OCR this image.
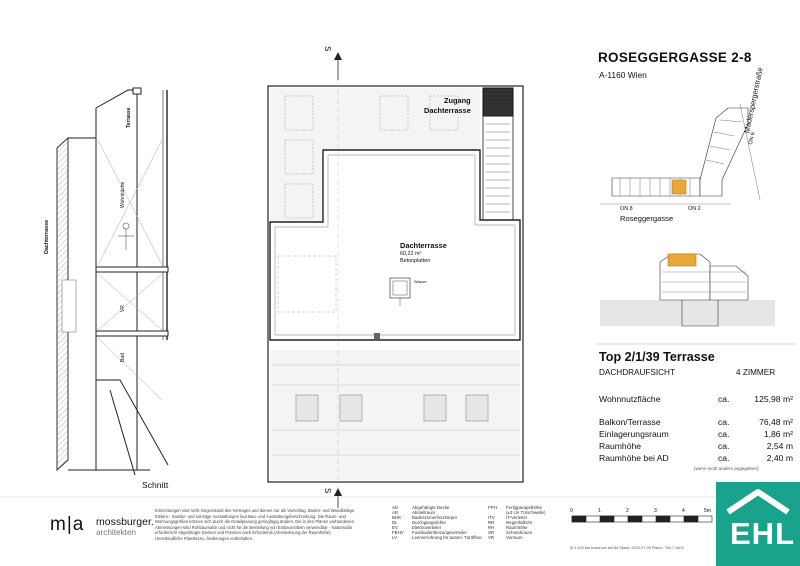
ROSEGGERGASSE 2-8
A-1160 Wien
Roseggergasse
Maderspergerstraße
ON 8	ON 2
ON 6
Top 2/1/39 Terrasse
DACHDRAUFSICHT	4 ZIMMER
Wohnnutzfläche	ca.	125,98 m²
Balkon/Terrasse	ca.	76,48 m²
Einlagerungsraum	ca.	1,86 m²
Raumhöhe	ca.	2,54 m
Raumhöhe bei AD	ca.	2,40 m
(wenn nicht anders angegeben)
S
S
Zugang
Dachterrasse
Dachterrasse
60,22 m²
Betonplatten
Wasser
Schnitt
Dachterrasse
Terrasse
Wohnküche
VR
Bad
m|a mossburger.
architekten
Einrichtungen sind nicht Gegenstand des Vertrages und dienen nur als Vorschlag. Boden- und Wandbeläge, Elektro-, Sanitär- und sonstige Ausstattungen laut Bau- und Ausstattungsbeschreibung. Die Raum- und Wohnungsgrößen können sich durch die Detailplanung geringfügig ändern. Die in den Plänen vorhandenen Abmessungen sind Rohbaumaße und nicht für die Bestellung von Einbaumöbeln verwendbar - Naturmaße erforderlich! Abgehängte Decken und Poterien nach Erfordernis (Abminderung der Raumhöhe). Unverbindliche Planskizze, Änderungen vorbehalten.
AD	Abgehängte Decke
AR	Abstellraum
BHK Badezimmerheizkörper
DL	Durchgangslichte
EV	Elektroverteiler
FBHV Fussbodenheizungsverteiler
LV	Leerverrohrung für autom. Türöffner
FPH Fertigparapethöhe
(±3 cm Türschwelle)
ITV	IT-Verteiler
RR	Regenfallrohr
RH	Raumhöhe
SR	Schrankraum
VR	Vorraum
0	1	2	3	4	5m
M 1:100 bei Ausdruck auf A4 Stand: 2024-07-09 Platzn: 769 7 1604 EHL
